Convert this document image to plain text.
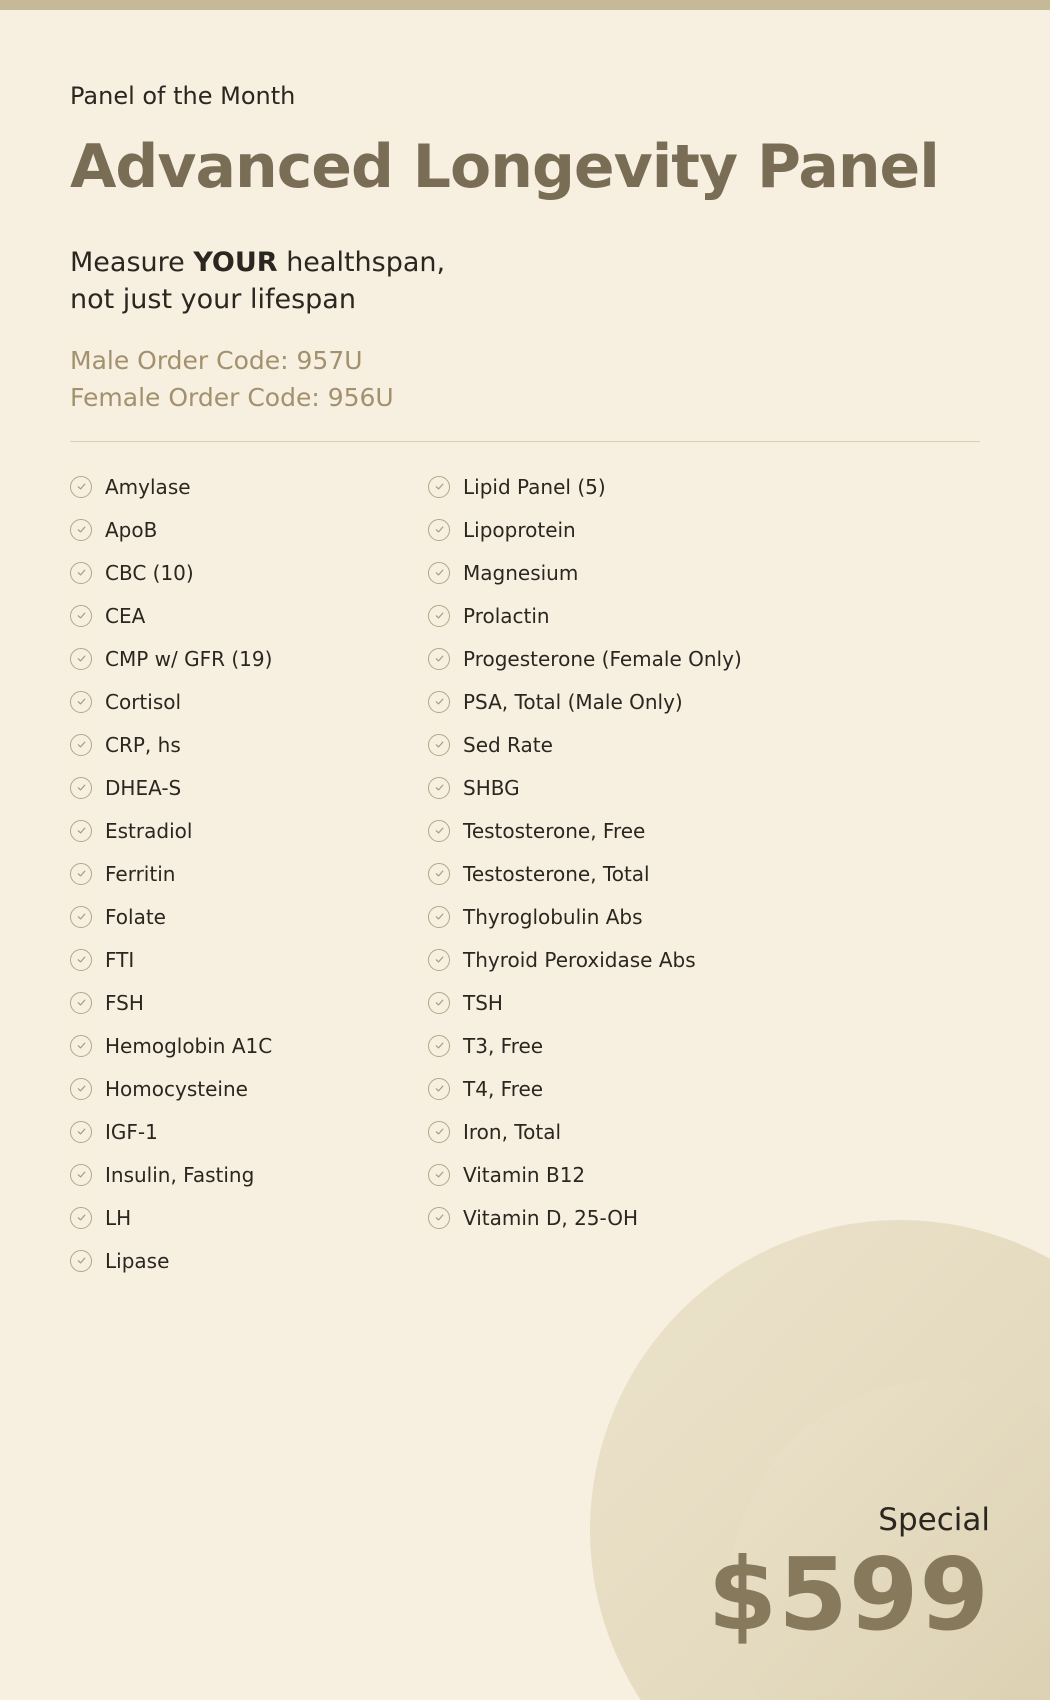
Panel of the Month
Advanced Longevity Panel
Measure YOUR healthspan,
not just your lifespan
Male Order Code: 957U
Female Order Code: 956U
Amylase
ApoB
CBC (10)
CEA
CMP w/ GFR (19)
Cortisol
CRP, hs
DHEA-S
Estradiol
Ferritin
Folate
FTI
FSH
Hemoglobin A1C
Homocysteine
IGF-1
Insulin, Fasting
LH
Lipase
Lipid Panel (5)
Lipoprotein
Magnesium
Prolactin
Progesterone (Female Only)
PSA, Total (Male Only)
Sed Rate
SHBG
Testosterone, Free
Testosterone, Total
Thyroglobulin Abs
Thyroid Peroxidase Abs
TSH
T3, Free
T4, Free
Iron, Total
Vitamin B12
Vitamin D, 25-OH
Special
$599
